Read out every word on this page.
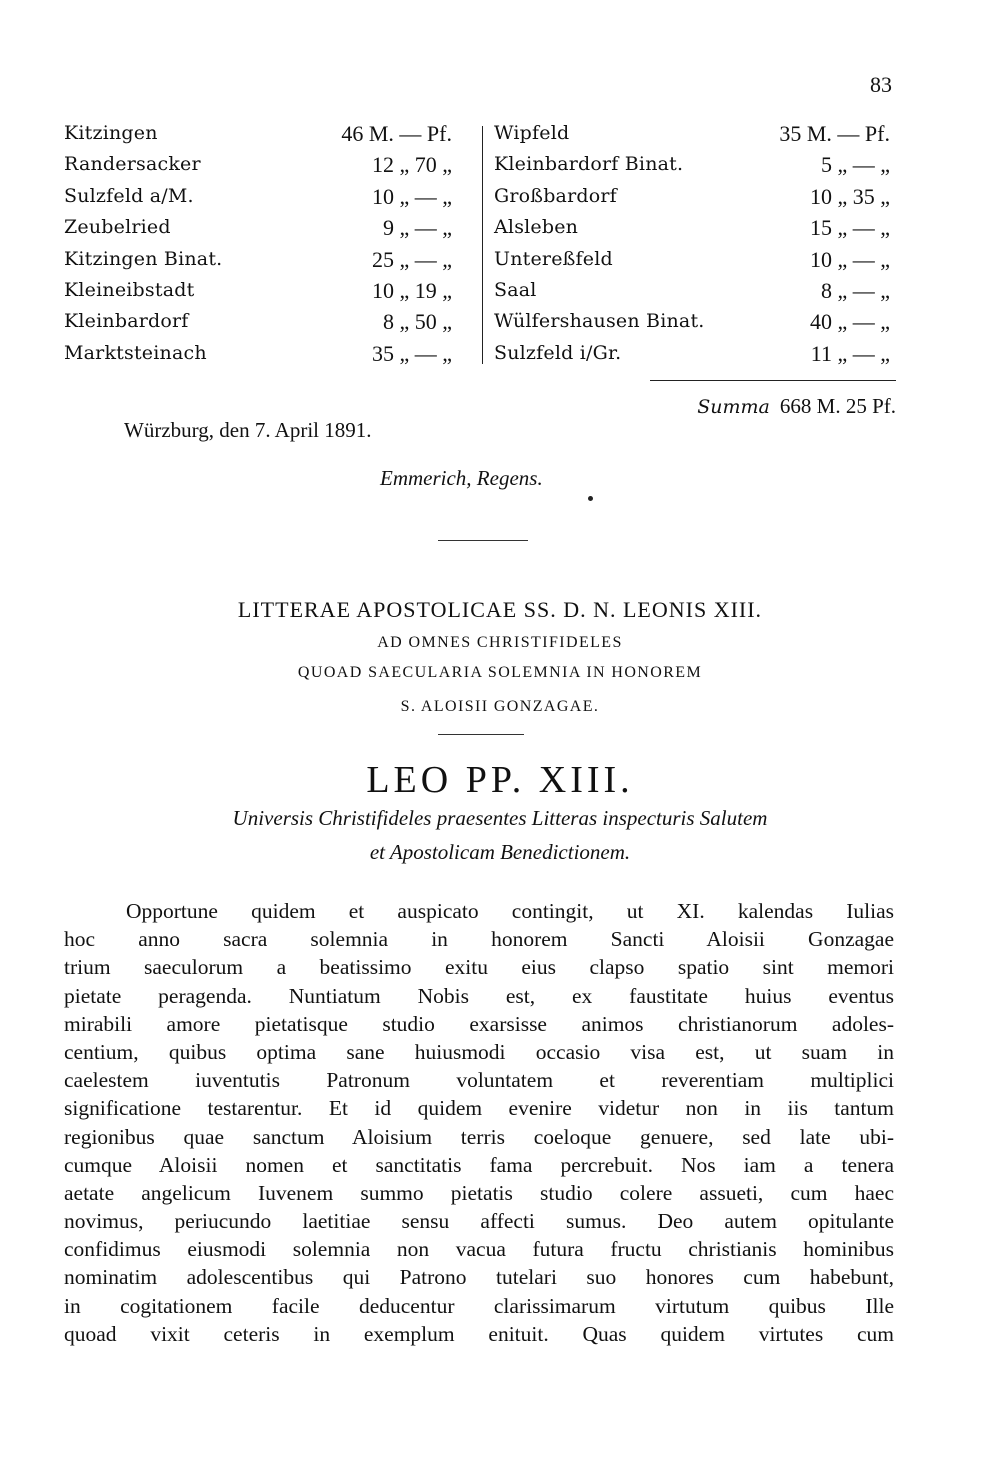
83
Kitzingen	46 M. — Pf.
Randersacker	12 „ 70 „
Sulzfeld a/M.	10 „ — „
Zeubelried	9 „ — „
Kitzingen Binat.	25 „ — „
Kleineibstadt	10 „ 19 „
Kleinbardorf	8 „ 50 „
Marktsteinach	35 „ — „
Wipfeld	35 M. — Pf.
Kleinbardorf Binat.	5 „ — „
Großbardorf	10 „ 35 „
Alsleben	15 „ — „
Untereßfeld	10 „ — „
Saal	8 „ — „
Wülfershausen Binat.	40 „ — „
Sulzfeld i/Gr.	11 „ — „
Summa 668 M. 25 Pf.
Würzburg, den 7. April 1891.
Emmerich, Regens.
LITTERAE APOSTOLICAE SS. D. N. LEONIS XIII.
AD OMNES CHRISTIFIDELES
QUOAD SAECULARIA SOLEMNIA IN HONOREM
S. ALOISII GONZAGAE.
LEO PP. XIII.
Universis Christifideles praesentes Litteras inspecturis Salutem
et Apostolicam Benedictionem.
Opportune quidem et auspicato contingit, ut XI. kalendas Iulias
hoc anno sacra solemnia in honorem Sancti Aloisii Gonzagae
trium saeculorum a beatissimo exitu eius clapso spatio sint memori
pietate peragenda. Nuntiatum Nobis est, ex faustitate huius eventus
mirabili amore pietatisque studio exarsisse animos christianorum adoles-
centium, quibus optima sane huiusmodi occasio visa est, ut suam in
caelestem iuventutis Patronum voluntatem et reverentiam multiplici
significatione testarentur. Et id quidem evenire videtur non in iis tantum
regionibus quae sanctum Aloisium terris coeloque genuere, sed late ubi-
cumque Aloisii nomen et sanctitatis fama percrebuit. Nos iam a tenera
aetate angelicum Iuvenem summo pietatis studio colere assueti, cum haec
novimus, periucundo laetitiae sensu affecti sumus. Deo autem opitulante
confidimus eiusmodi solemnia non vacua futura fructu christianis hominibus
nominatim adolescentibus qui Patrono tutelari suo honores cum habebunt,
in cogitationem facile deducentur clarissimarum virtutum quibus Ille
quoad vixit ceteris in exemplum enituit. Quas quidem virtutes cum
